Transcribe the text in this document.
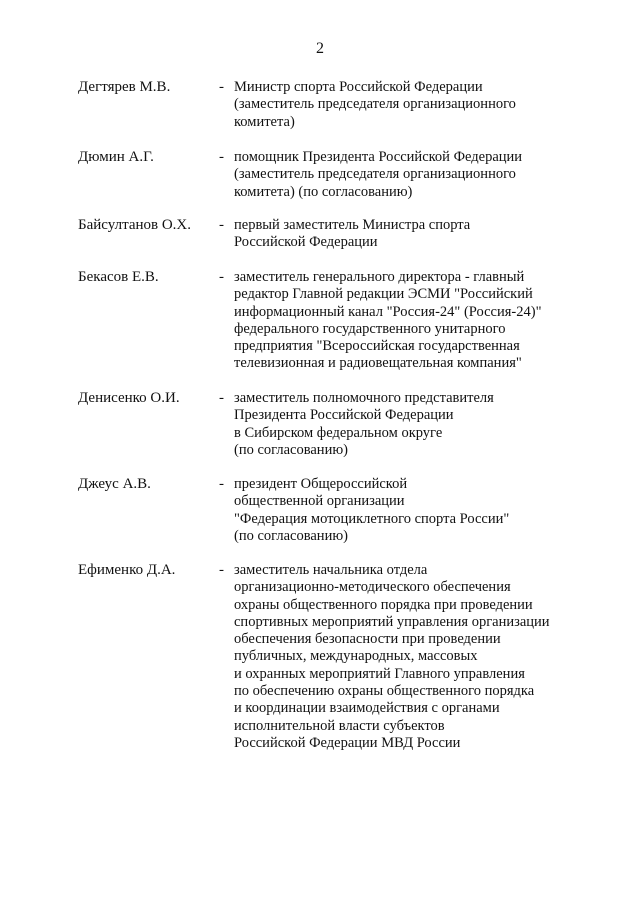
2
Дегтярев М.В.	- Министр спорта Российской Федерации
(заместитель председателя организационного
комитета)
Дюмин А.Г.	- помощник Президента Российской Федерации
(заместитель председателя организационного
комитета) (по согласованию)
Байсултанов О.Х. - первый заместитель Министра спорта
Российской Федерации
Бекасов Е.В.	- заместитель генерального директора - главный
редактор Главной редакции ЭСМИ "Российский
информационный канал "Россия-24" (Россия-24)"
федерального государственного унитарного
предприятия "Всероссийская государственная
телевизионная и радиовещательная компания"
Денисенко О.И.	- заместитель полномочного представителя
Президента Российской Федерации
в Сибирском федеральном округе
(по согласованию)
Джеус А.В.	- президент Общероссийской
общественной организации
"Федерация мотоциклетного спорта России"
(по согласованию)
Ефименко Д.А.	- заместитель начальника отдела
организационно-методического обеспечения
охраны общественного порядка при проведении
спортивных мероприятий управления организации
обеспечения безопасности при проведении
публичных, международных, массовых
и охранных мероприятий Главного управления
по обеспечению охраны общественного порядка
и координации взаимодействия с органами
исполнительной власти субъектов
Российской Федерации МВД России
